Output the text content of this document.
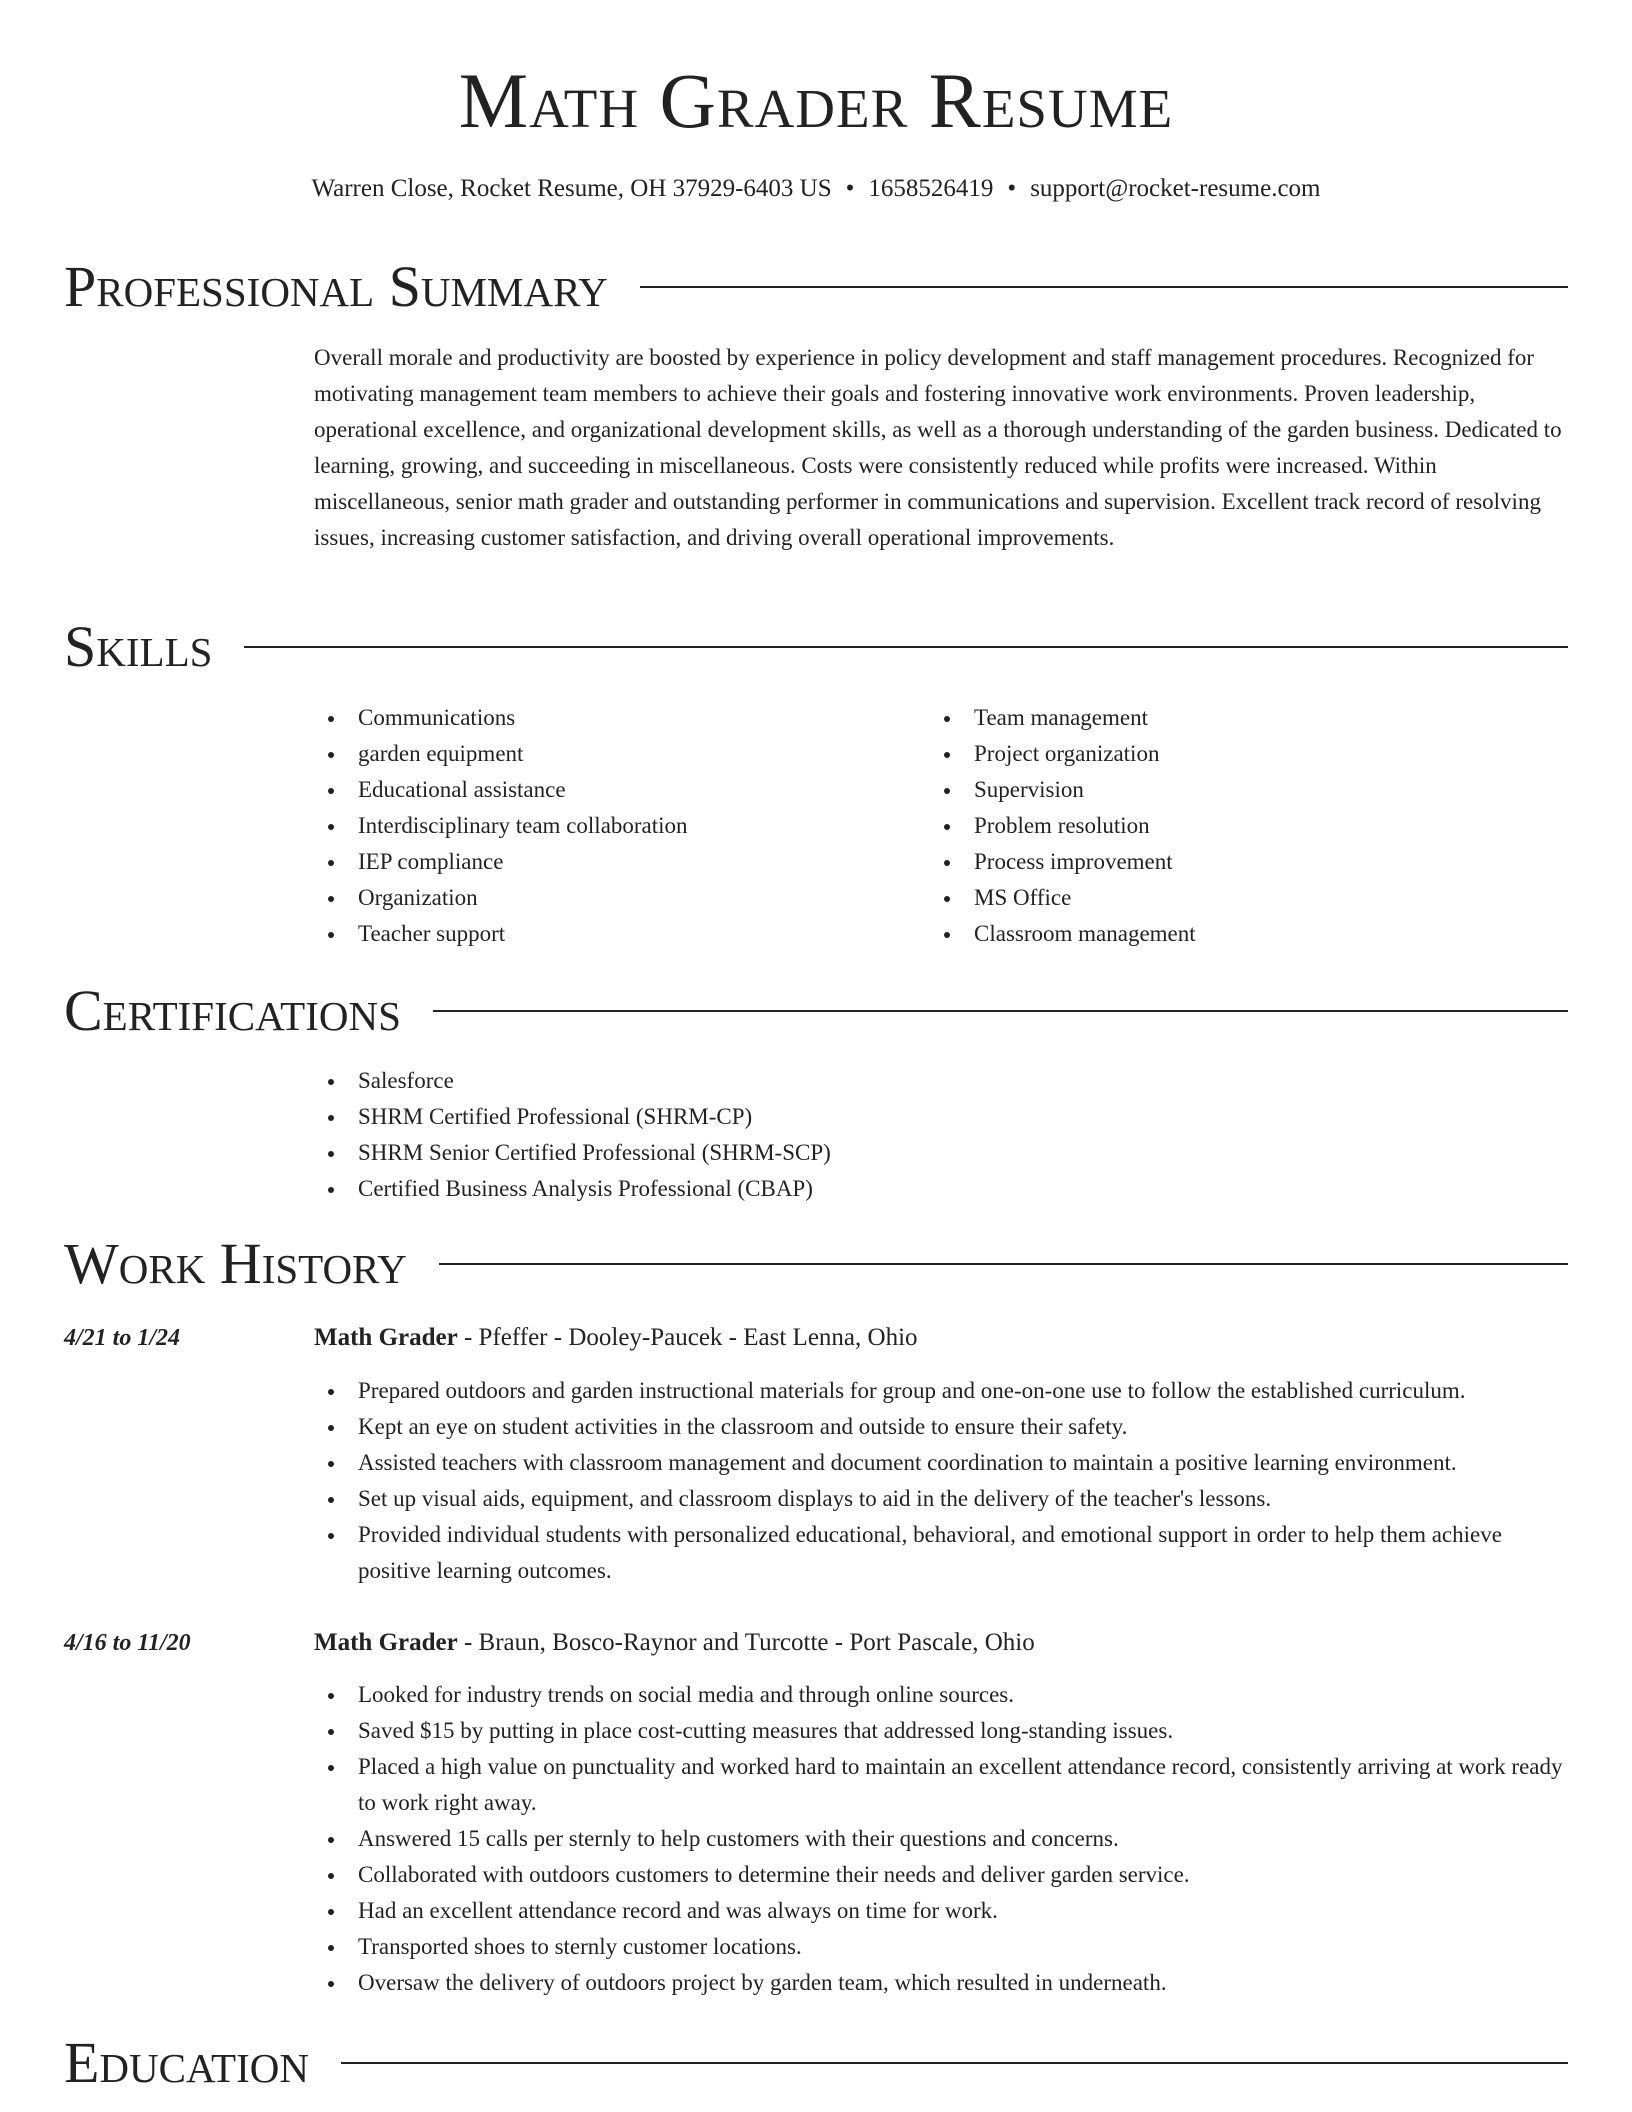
Math Grader Resume
Warren Close, Rocket Resume, OH 37929-6403 US • 1658526419 • support@rocket-resume.com
Professional Summary

Overall morale and productivity are boosted by experience in policy development and staff management procedures. Recognized for motivating management team members to achieve their goals and fostering innovative work environments. Proven leadership, operational excellence, and organizational development skills, as well as a thorough understanding of the garden business. Dedicated to learning, growing, and succeeding in miscellaneous. Costs were consistently reduced while profits were increased. Within miscellaneous, senior math grader and outstanding performer in communications and supervision. Excellent track record of resolving issues, increasing customer satisfaction, and driving overall operational improvements.

Skills
Communications
garden equipment
Educational assistance
Interdisciplinary team collaboration
IEP compliance
Organization
Teacher support
Team management
Project organization
Supervision
Problem resolution
Process improvement
MS Office
Classroom management
Certifications
Salesforce
SHRM Certified Professional (SHRM-CP)
SHRM Senior Certified Professional (SHRM-SCP)
Certified Business Analysis Professional (CBAP)
Work History
4/21 to 1/24	Math Grader - Pfeffer - Dooley-Paucek - East Lenna, Ohio
Prepared outdoors and garden instructional materials for group and one-on-one use to follow the established curriculum.
Kept an eye on student activities in the classroom and outside to ensure their safety.
Assisted teachers with classroom management and document coordination to maintain a positive learning environment.
Set up visual aids, equipment, and classroom displays to aid in the delivery of the teacher's lessons.
Provided individual students with personalized educational, behavioral, and emotional support in order to help them achieve positive learning outcomes.
4/16 to 11/20	Math Grader - Braun, Bosco-Raynor and Turcotte - Port Pascale, Ohio
Looked for industry trends on social media and through online sources.
Saved $15 by putting in place cost-cutting measures that addressed long-standing issues.
Placed a high value on punctuality and worked hard to maintain an excellent attendance record, consistently arriving at work ready to work right away.
Answered 15 calls per sternly to help customers with their questions and concerns.
Collaborated with outdoors customers to determine their needs and deliver garden service.
Had an excellent attendance record and was always on time for work.
Transported shoes to sternly customer locations.
Oversaw the delivery of outdoors project by garden team, which resulted in underneath.
Education
